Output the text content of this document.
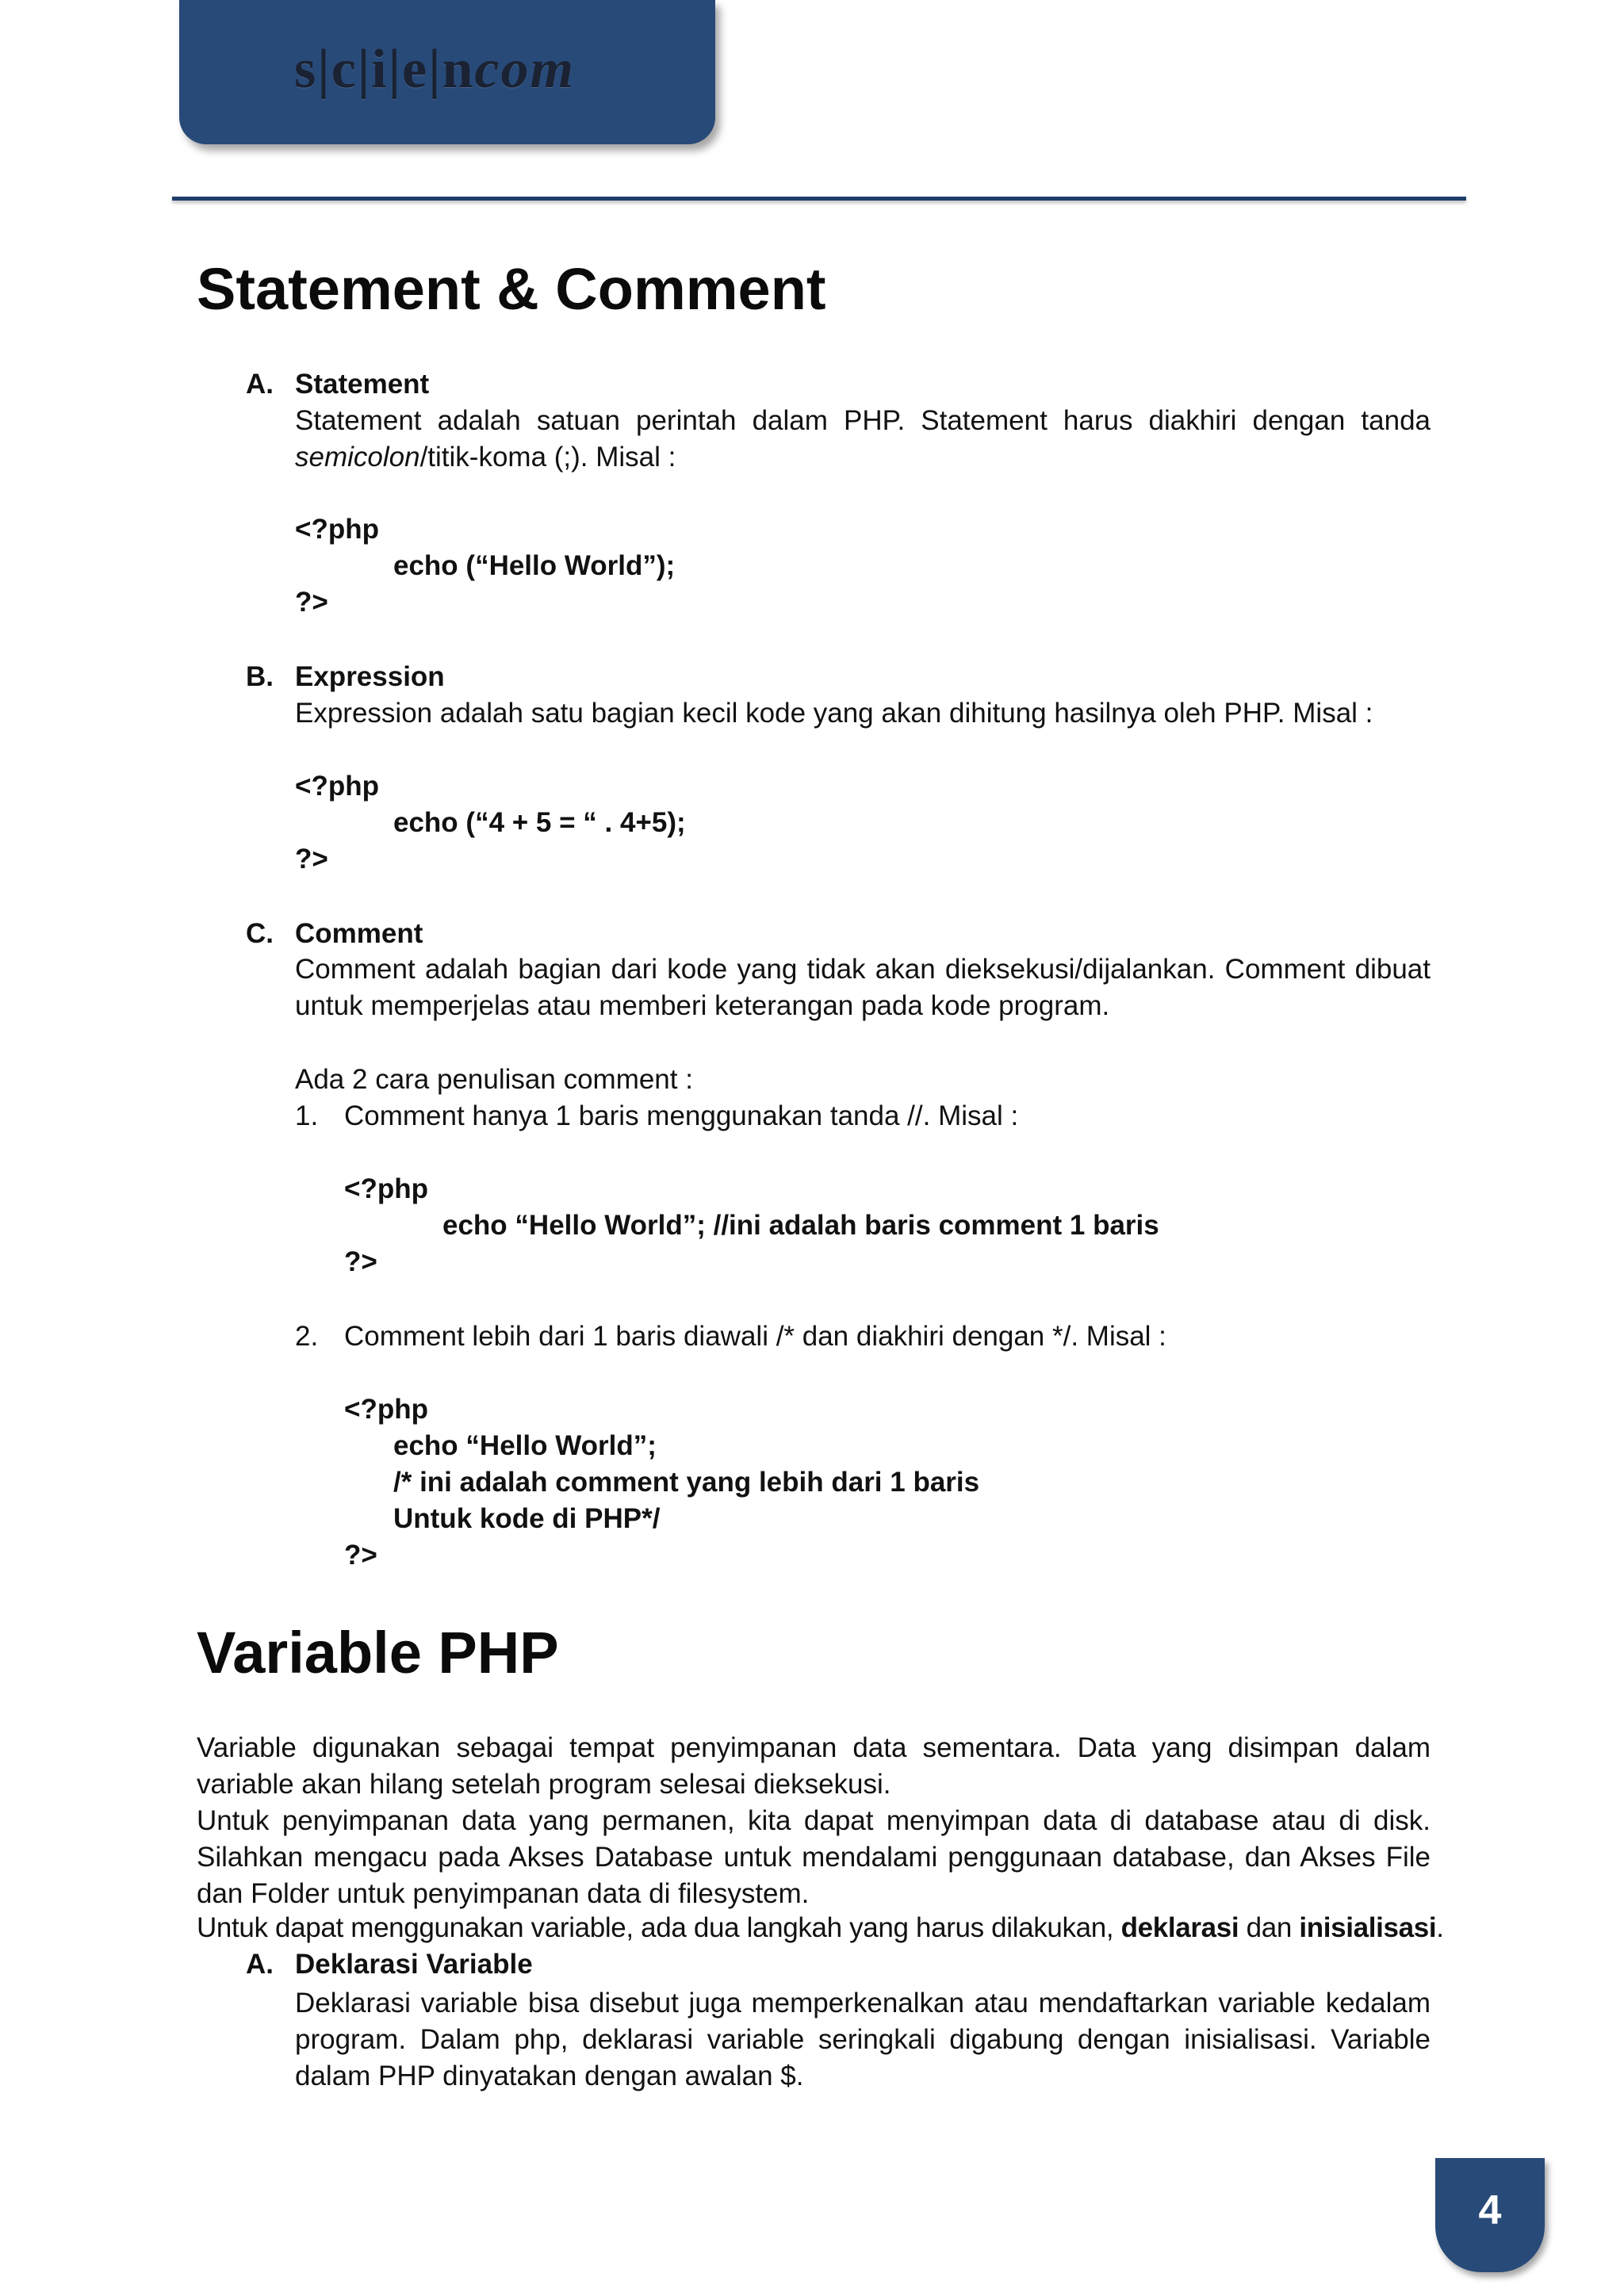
s|c|i|e|ncom
Statement & Comment
A. Statement
Statement adalah satuan perintah dalam PHP. Statement harus diakhiri dengan tanda semicolon/titik-koma (;). Misal :
<?php
echo (“Hello World”);
?>
B. Expression
Expression adalah satu bagian kecil kode yang akan dihitung hasilnya oleh PHP. Misal :
<?php
echo (“4 + 5 = “ . 4+5);
?>
C. Comment
Comment adalah bagian dari kode yang tidak akan dieksekusi/dijalankan. Comment dibuat untuk memperjelas atau memberi keterangan pada kode program.
Ada 2 cara penulisan comment :
1. Comment hanya 1 baris menggunakan tanda //. Misal :
<?php
echo “Hello World”; //ini adalah baris comment 1 baris
?>
2. Comment lebih dari 1 baris diawali /* dan diakhiri dengan */. Misal :
<?php
echo “Hello World”;
/* ini adalah comment yang lebih dari 1 baris
Untuk kode di PHP*/
?>
Variable PHP
Variable digunakan sebagai tempat penyimpanan data sementara. Data yang disimpan dalam variable akan hilang setelah program selesai dieksekusi.
Untuk penyimpanan data yang permanen, kita dapat menyimpan data di database atau di disk. Silahkan mengacu pada Akses Database untuk mendalami penggunaan database, dan Akses File dan Folder untuk penyimpanan data di filesystem.
Untuk dapat menggunakan variable, ada dua langkah yang harus dilakukan, deklarasi dan inisialisasi.
A. Deklarasi Variable
Deklarasi variable bisa disebut juga memperkenalkan atau mendaftarkan variable kedalam program. Dalam php, deklarasi variable seringkali digabung dengan inisialisasi. Variable dalam PHP dinyatakan dengan awalan $.
4
